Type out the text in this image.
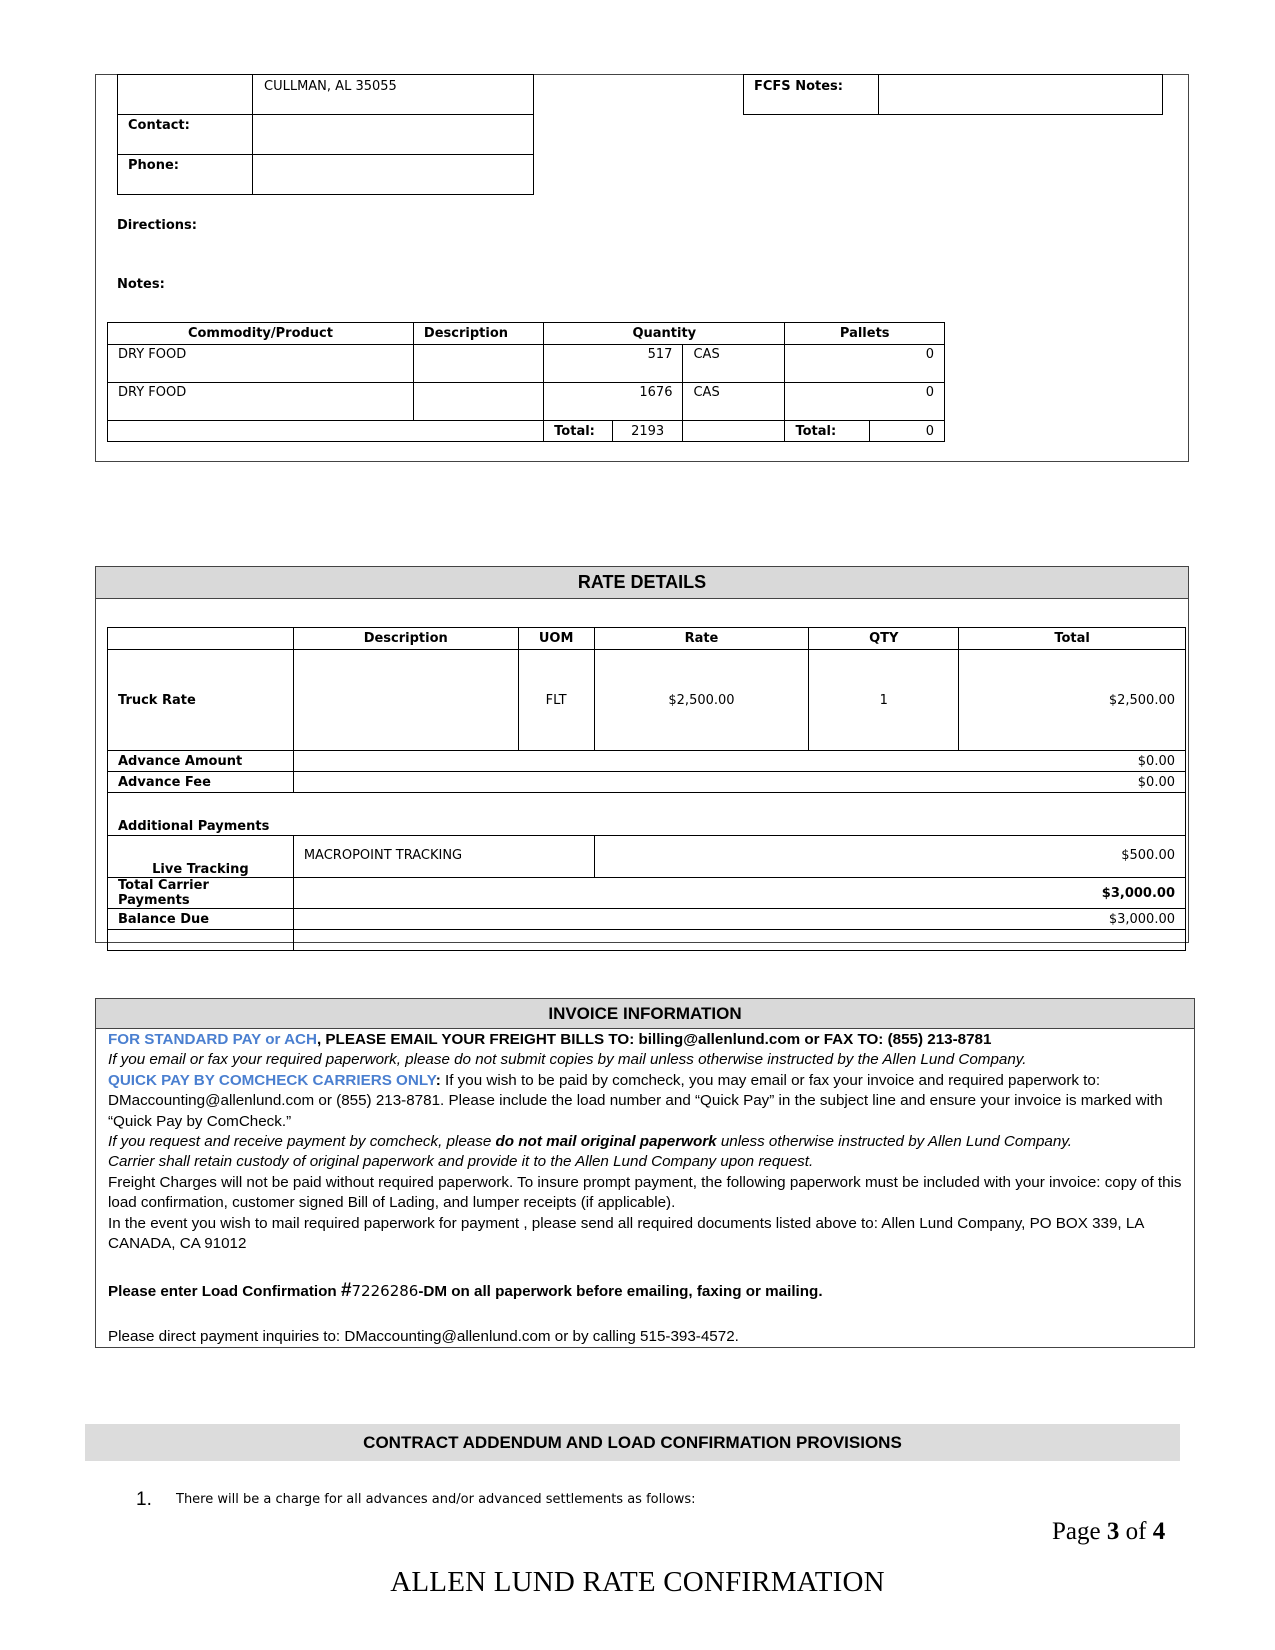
CULLMAN, AL 35055
Contact:
Phone:
FCFS Notes:
Directions:
Notes:
Commodity/Product	Description	Quantity			Pallets	
DRY FOOD		517		CAS	0	
DRY FOOD		1676		CAS	0	
		Total:	2193		Total:	0
RATE DETAILS
	Description	UOM	Rate	QTY	Total
Truck Rate		FLT	$2,500.00	1	$2,500.00
Advance Amount	$0.00				
Advance Fee	$0.00				
Additional Payments					
Live Tracking	MACROPOINT TRACKING		$500.00		
Total Carrier Payments	$3,000.00				
Balance Due	$3,000.00				

INVOICE INFORMATION
FOR STANDARD PAY or ACH, PLEASE EMAIL YOUR FREIGHT BILLS TO: billing@allenlund.com or FAX TO: (855) 213-8781
If you email or fax your required paperwork, please do not submit copies by mail unless otherwise instructed by the Allen Lund Company.
QUICK PAY BY COMCHECK CARRIERS ONLY: If you wish to be paid by comcheck, you may email or fax your invoice and required paperwork to: DMaccounting@allenlund.com or (855) 213-8781. Please include the load number and “Quick Pay” in the subject line and ensure your invoice is marked with “Quick Pay by ComCheck.”
If you request and receive payment by comcheck, please do not mail original paperwork unless otherwise instructed by Allen Lund Company.
Carrier shall retain custody of original paperwork and provide it to the Allen Lund Company upon request.
Freight Charges will not be paid without required paperwork. To insure prompt payment, the following paperwork must be included with your invoice: copy of this load confirmation, customer signed Bill of Lading, and lumper receipts (if applicable).
In the event you wish to mail required paperwork for payment , please send all required documents listed above to: Allen Lund Company, PO BOX 339, LA CANADA, CA 91012
Please enter Load Confirmation #7226286-DM on all paperwork before emailing, faxing or mailing.
Please direct payment inquiries to: DMaccounting@allenlund.com or by calling 515-393-4572.
CONTRACT ADDENDUM AND LOAD CONFIRMATION PROVISIONS
1. There will be a charge for all advances and/or advanced settlements as follows:
Page 3 of 4
ALLEN LUND RATE CONFIRMATION
